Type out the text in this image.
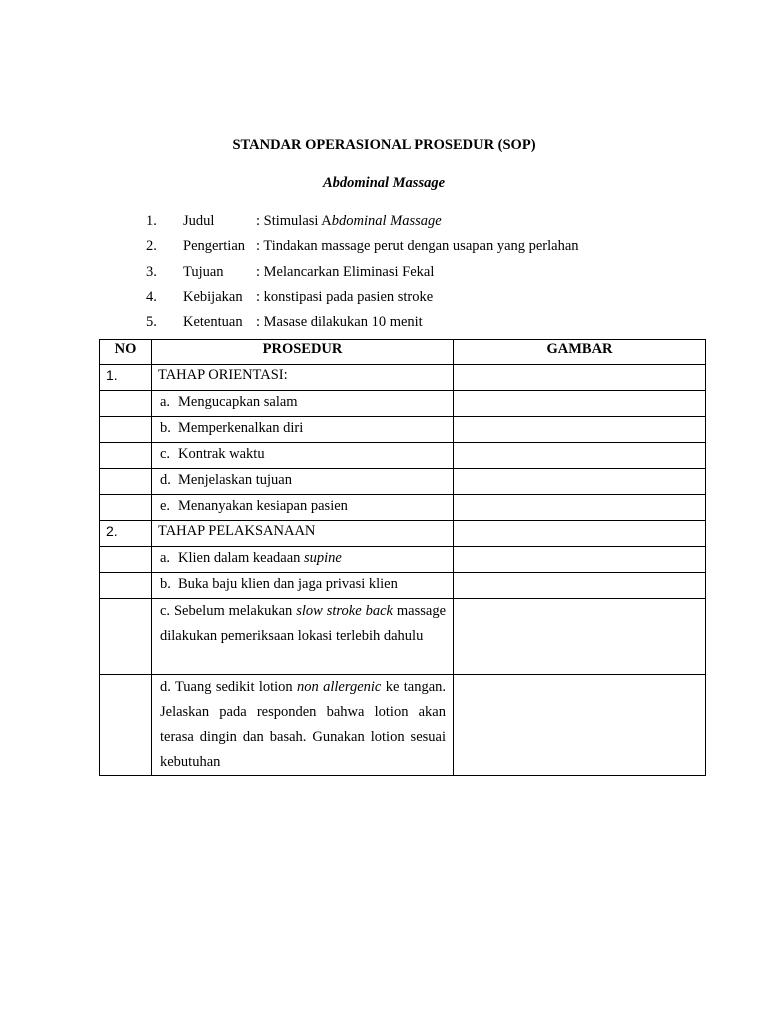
STANDAR OPERASIONAL PROSEDUR (SOP)
Abdominal Massage
1. Judul	: Stimulasi Abdominal Massage
2. Pengertian : Tindakan massage perut dengan usapan yang perlahan
3. Tujuan : Melancarkan Eliminasi Fekal
4. Kebijakan : konstipasi pada pasien stroke
5. Ketentuan : Masase dilakukan 10 menit
NO	PROSEDUR	GAMBAR
1.	TAHAP ORIENTASI:	
	a. Mengucapkan salam	
	b. Memperkenalkan diri	
	c. Kontrak waktu	
	d. Menjelaskan tujuan	
	e. Menanyakan kesiapan pasien	
2.	TAHAP PELAKSANAAN	
	a. Klien dalam keadaan supine	
	b. Buka baju klien dan jaga privasi klien	
	c. Sebelum melakukan slow stroke back massage dilakukan pemeriksaan lokasi terlebih dahulu	
	d. Tuang sedikit lotion non allergenic ke tangan. Jelaskan pada responden bahwa lotion akan terasa dingin dan basah. Gunakan lotion sesuai kebutuhan	
